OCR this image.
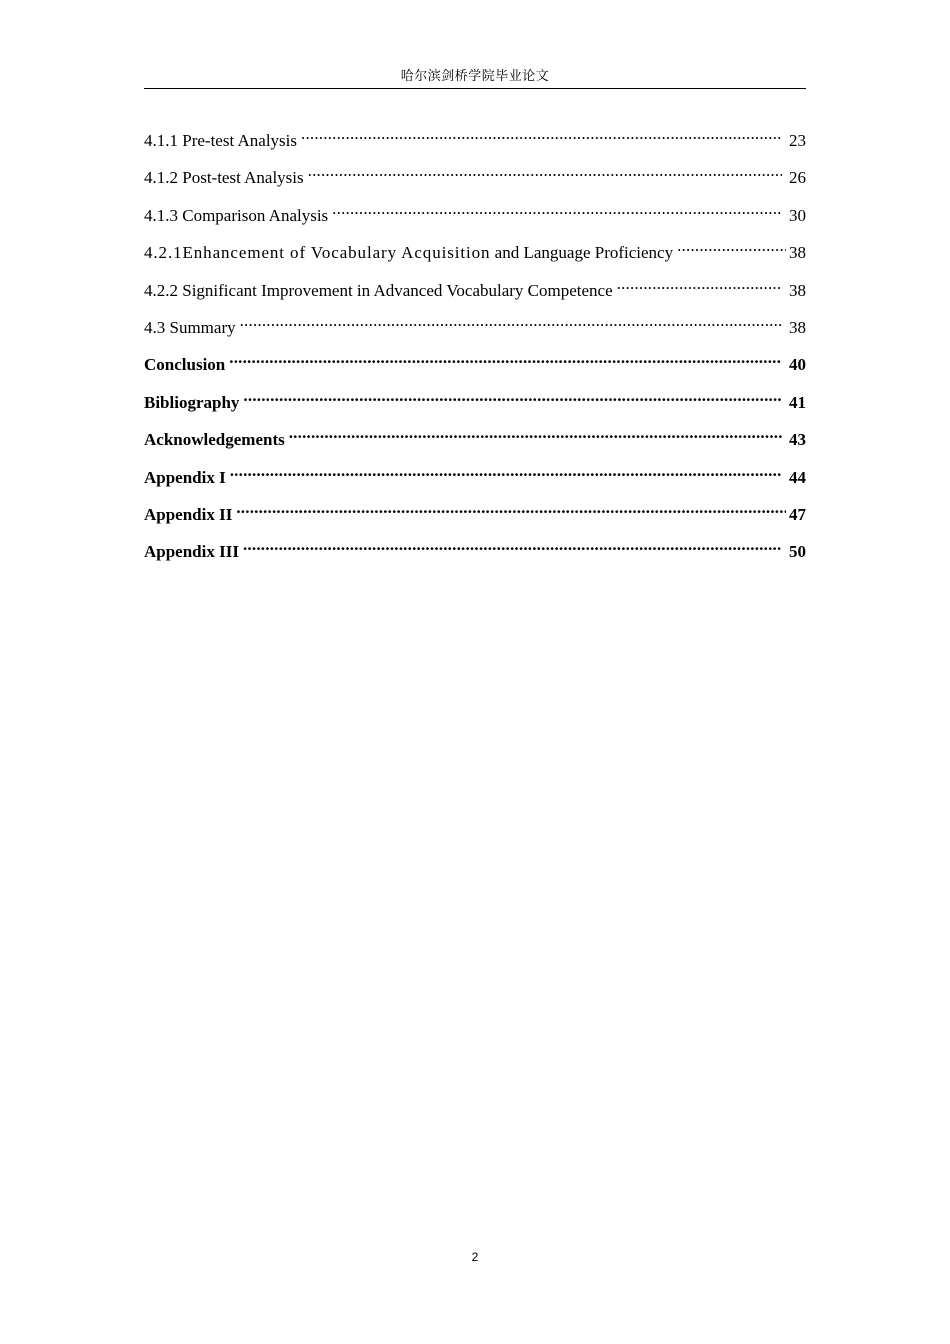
哈尔滨剑桥学院毕业论文
4.1.1 Pre-test Analysis .....	23
4.1.2 Post-test Analysis .....	26
4.1.3 Comparison Analysis .....	30
4.2.1Enhancement of Vocabulary Acquisition and Language Proficiency .....	38
4.2.2 Significant Improvement in Advanced Vocabulary Competence .....	38
4.3 Summary .....	38
Conclusion .....	40
Bibliography .....	41
Acknowledgements .....	43
Appendix I .....	44
Appendix II .....	47
Appendix III .....	50
2
